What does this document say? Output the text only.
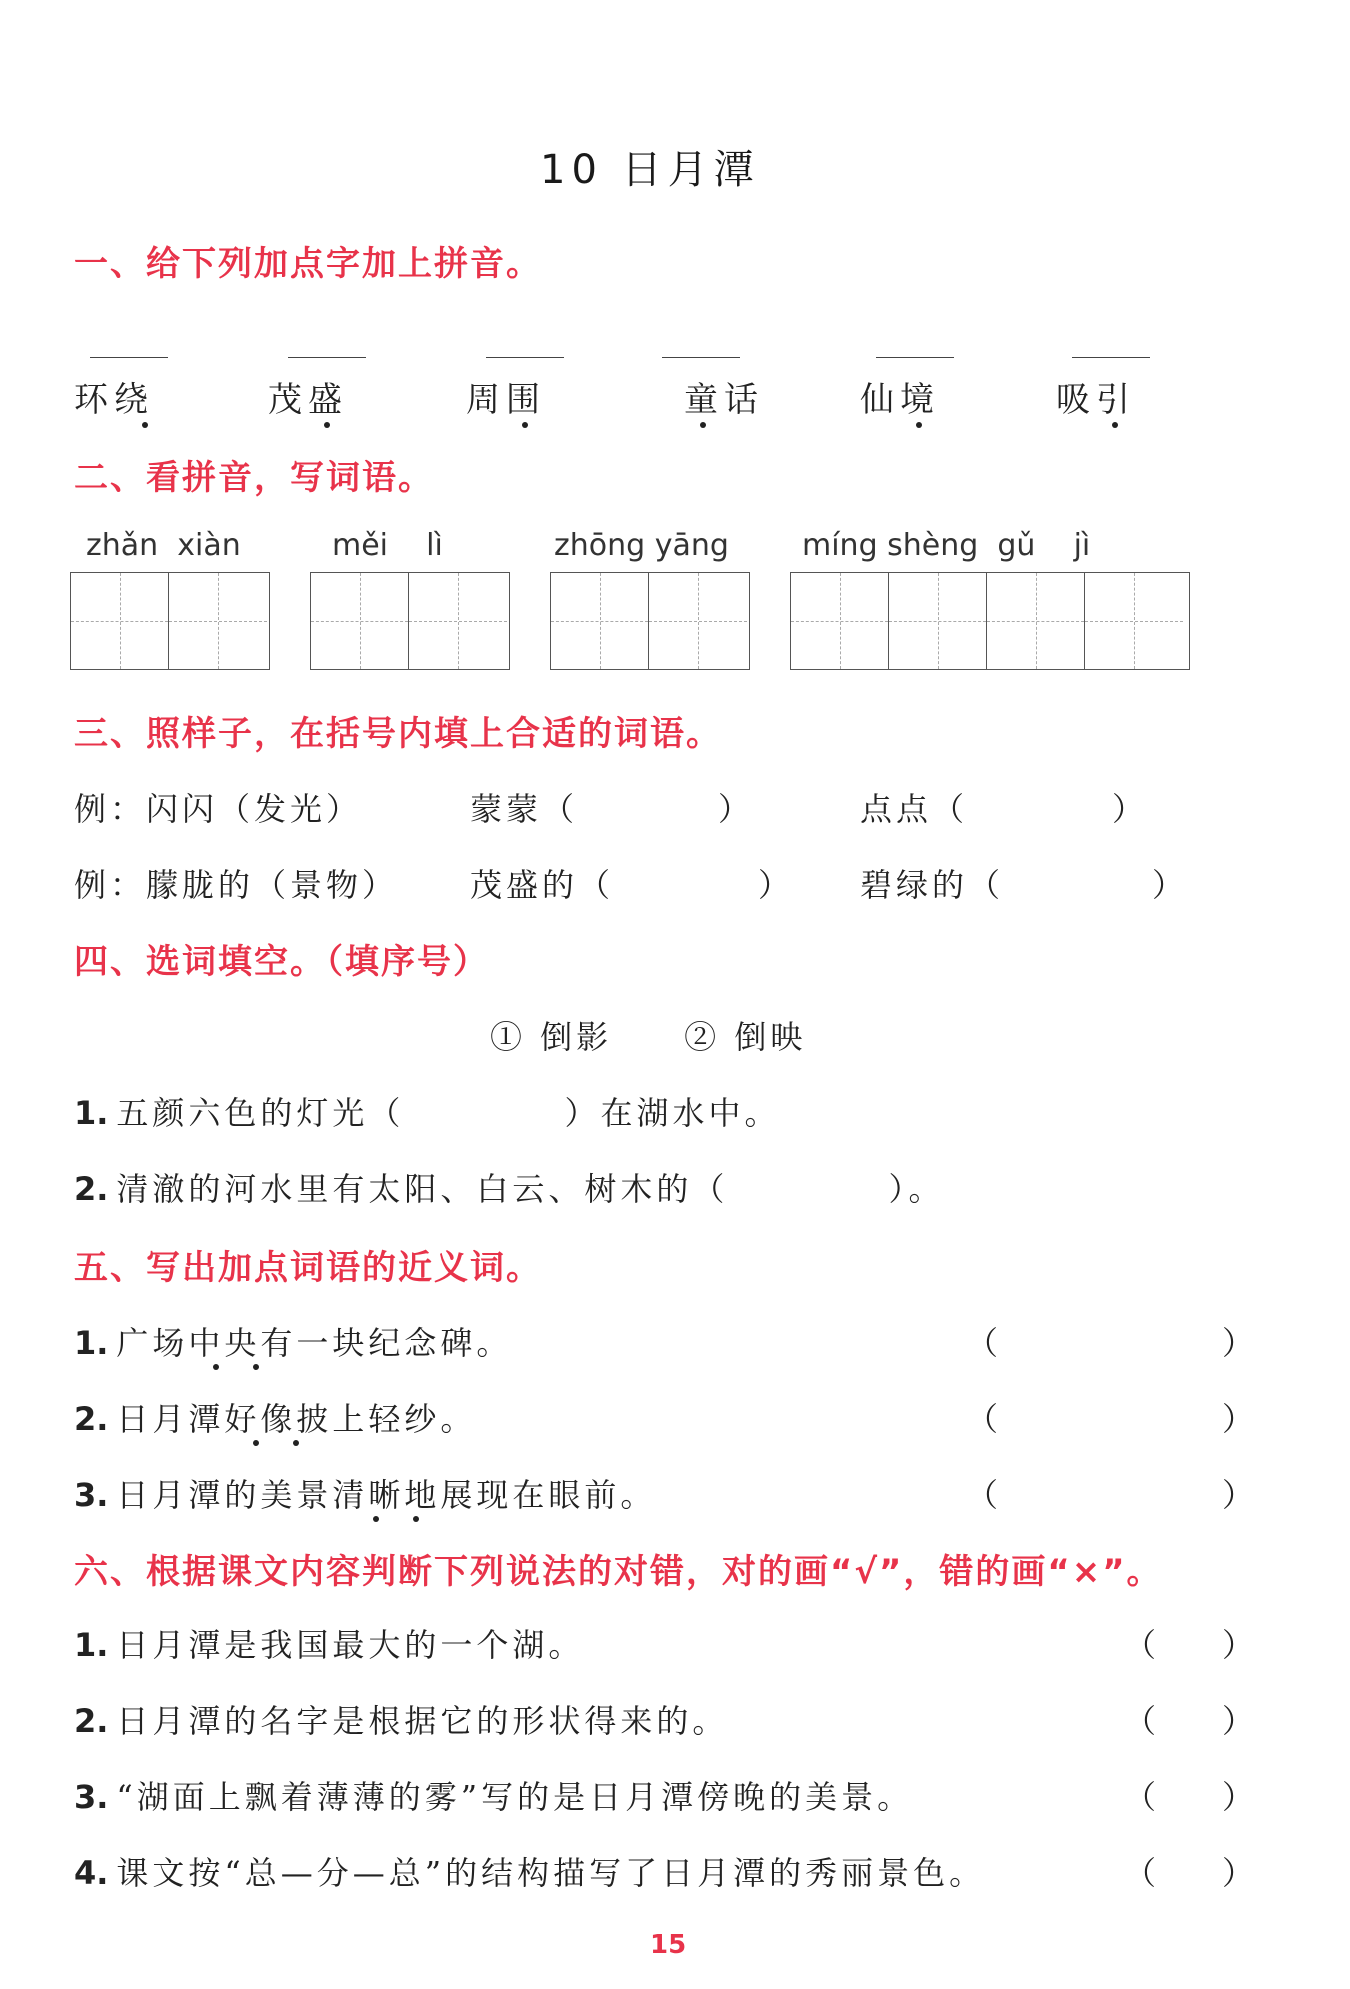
10 日月潭
一、给下列加点字加上拼音。
环绕	茂盛	周围	童话	仙境	吸引
二、看拼音，写词语。
zhǎn  xiàn	měi    lì	zhōng yāng míng shèng  gǔ    jì
三、照样子，在括号内填上合适的词语。
例：闪闪（发光）	蒙蒙（	）	点点（	）
例：朦胧的（景物） 茂盛的（	） 碧绿的（	）
四、选词填空。（填序号）
① 倒影　　② 倒映
1. 五颜六色的灯光（	）在湖水中。
2. 清澈的河水里有太阳、白云、树木的（	）。
五、写出加点词语的近义词。
1. 广场中央有一块纪念碑。	（	）
2. 日月潭好像披上轻纱。	（	）
3. 日月潭的美景清晰地展现在眼前。	（	）
六、根据课文内容判断下列说法的对错，对的画“√”，错的画“×”。
1. 日月潭是我国最大的一个湖。	（ ）
2. 日月潭的名字是根据它的形状得来的。	（ ）
3. “湖面上飘着薄薄的雾”写的是日月潭傍晚的美景。	（ ）
4. 课文按“总—分—总”的结构描写了日月潭的秀丽景色。	（ ）
15
